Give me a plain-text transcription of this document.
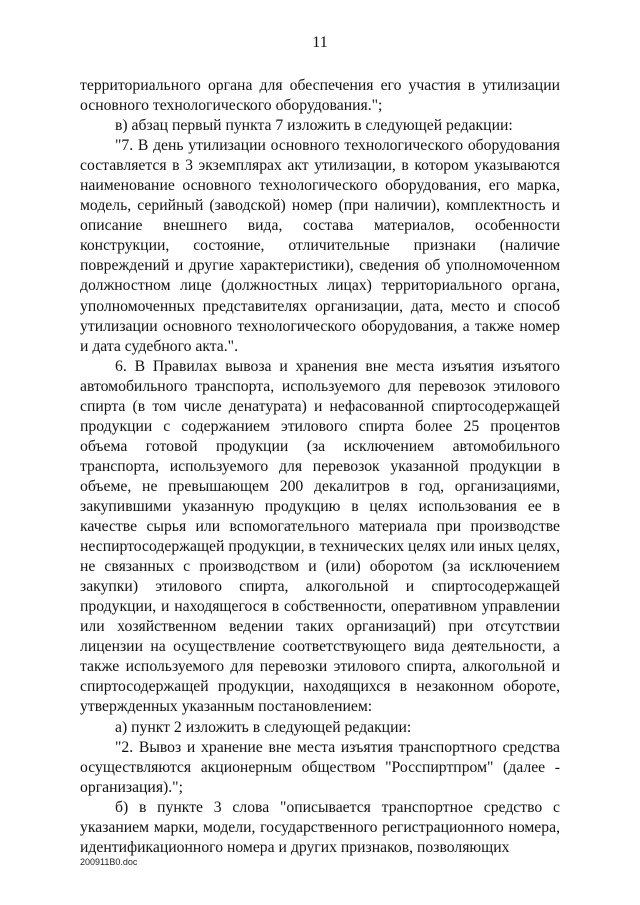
11

территориального органа для обеспечения его участия в утилизации основного технологического оборудования.";

в) абзац первый пункта 7 изложить в следующей редакции:

"7. В день утилизации основного технологического оборудования составляется в 3 экземплярах акт утилизации, в котором указываются наименование основного технологического оборудования, его марка, модель, серийный (заводской) номер (при наличии), комплектность и описание внешнего вида, состава материалов, особенности конструкции, состояние, отличительные признаки (наличие повреждений и другие характеристики), сведения об уполномоченном должностном лице (должностных лицах) территориального органа, уполномоченных представителях организации, дата, место и способ утилизации основного технологического оборудования, а также номер и дата судебного акта.".

6. В Правилах вывоза и хранения вне места изъятия изъятого автомобильного транспорта, используемого для перевозок этилового спирта (в том числе денатурата) и нефасованной спиртосодержащей продукции с содержанием этилового спирта более 25 процентов объема готовой продукции (за исключением автомобильного транспорта, используемого для перевозок указанной продукции в объеме, не превышающем 200 декалитров в год, организациями, закупившими указанную продукцию в целях использования ее в качестве сырья или вспомогательного материала при производстве неспиртосодержащей продукции, в технических целях или иных целях, не связанных с производством и (или) оборотом (за исключением закупки) этилового спирта, алкогольной и спиртосодержащей продукции, и находящегося в собственности, оперативном управлении или хозяйственном ведении таких организаций) при отсутствии лицензии на осуществление соответствующего вида деятельности, а также используемого для перевозки этилового спирта, алкогольной и спиртосодержащей продукции, находящихся в незаконном обороте, утвержденных указанным постановлением:

а) пункт 2 изложить в следующей редакции:

"2. Вывоз и хранение вне места изъятия транспортного средства осуществляются акционерным обществом "Росспиртпром" (далее - организация).";

б) в пункте 3 слова "описывается транспортное средство с указанием марки, модели, государственного регистрационного номера, идентификационного номера и других признаков, позволяющих

200911B0.doc
